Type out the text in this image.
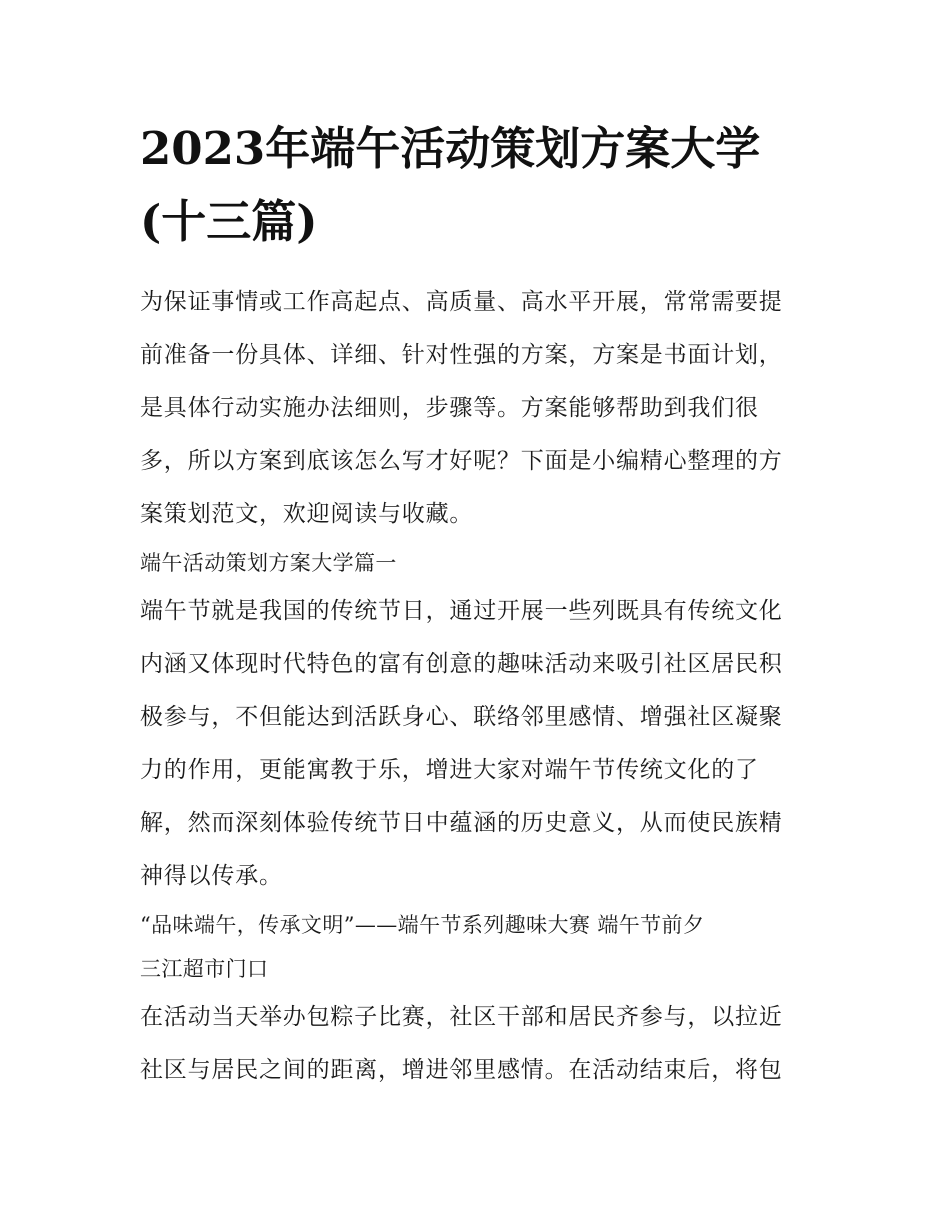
2023年端午活动策划方案大学
(十三篇)
为保证事情或工作高起点、高质量、高水平开展，常常需要提
前准备一份具体、详细、针对性强的方案，方案是书面计划，
是具体行动实施办法细则，步骤等。方案能够帮助到我们很
多，所以方案到底该怎么写才好呢？下面是小编精心整理的方
案策划范文，欢迎阅读与收藏。
端午活动策划方案大学篇一
端午节就是我国的传统节日，通过开展一些列既具有传统文化
内涵又体现时代特色的富有创意的趣味活动来吸引社区居民积
极参与，不但能达到活跃身心、联络邻里感情、增强社区凝聚
力的作用，更能寓教于乐，增进大家对端午节传统文化的了
解，然而深刻体验传统节日中蕴涵的历史意义，从而使民族精
神得以传承。
“品味端午，传承文明”——端午节系列趣味大赛 端午节前夕
三江超市门口
在活动当天举办包粽子比赛，社区干部和居民齐参与，以拉近
社区与居民之间的距离，增进邻里感情。在活动结束后，将包
